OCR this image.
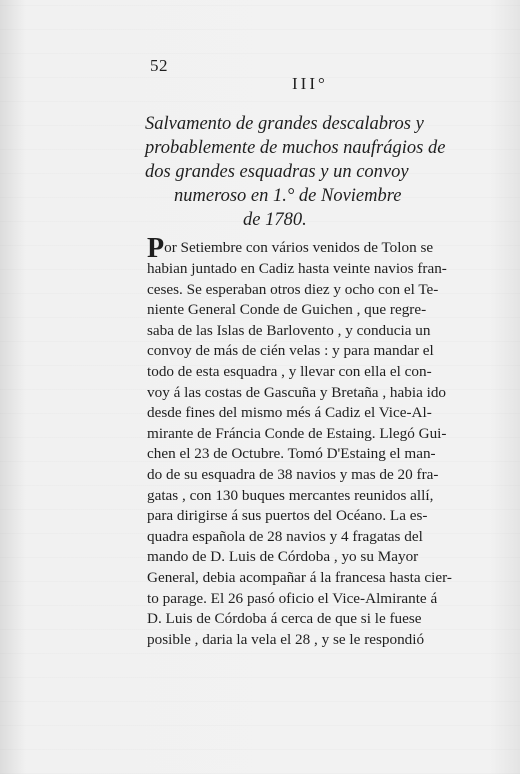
52
III°
Salvamento de grandes descalabros y
probablemente de muchos naufrágios de
dos grandes esquadras y un convoy
numeroso en 1.° de Noviembre
de 1780.
Por Setiembre con vários venidos de Tolon se
habian juntado en Cadiz hasta veinte navios fran-
ceses. Se esperaban otros diez y ocho con el Te-
niente General Conde de Guichen , que regre-
saba de las Islas de Barlovento , y conducia un
convoy de más de cién velas : y para mandar el
todo de esta esquadra , y llevar con ella el con-
voy á las costas de Gascuña y Bretaña , habia ido
desde fines del mismo més á Cadiz el Vice-Al-
mirante de Fráncia Conde de Estaing. Llegó Gui-
chen el 23 de Octubre. Tomó D'Estaing el man-
do de su esquadra de 38 navios y mas de 20 fra-
gatas , con 130 buques mercantes reunidos allí,
para dirigirse á sus puertos del Océano. La es-
quadra española de 28 navios y 4 fragatas del
mando de D. Luis de Córdoba , yo su Mayor
General, debia acompañar á la francesa hasta cier-
to parage. El 26 pasó oficio el Vice-Almirante á
D. Luis de Córdoba á cerca de que si le fuese
posible , daria la vela el 28 , y se le respondió
